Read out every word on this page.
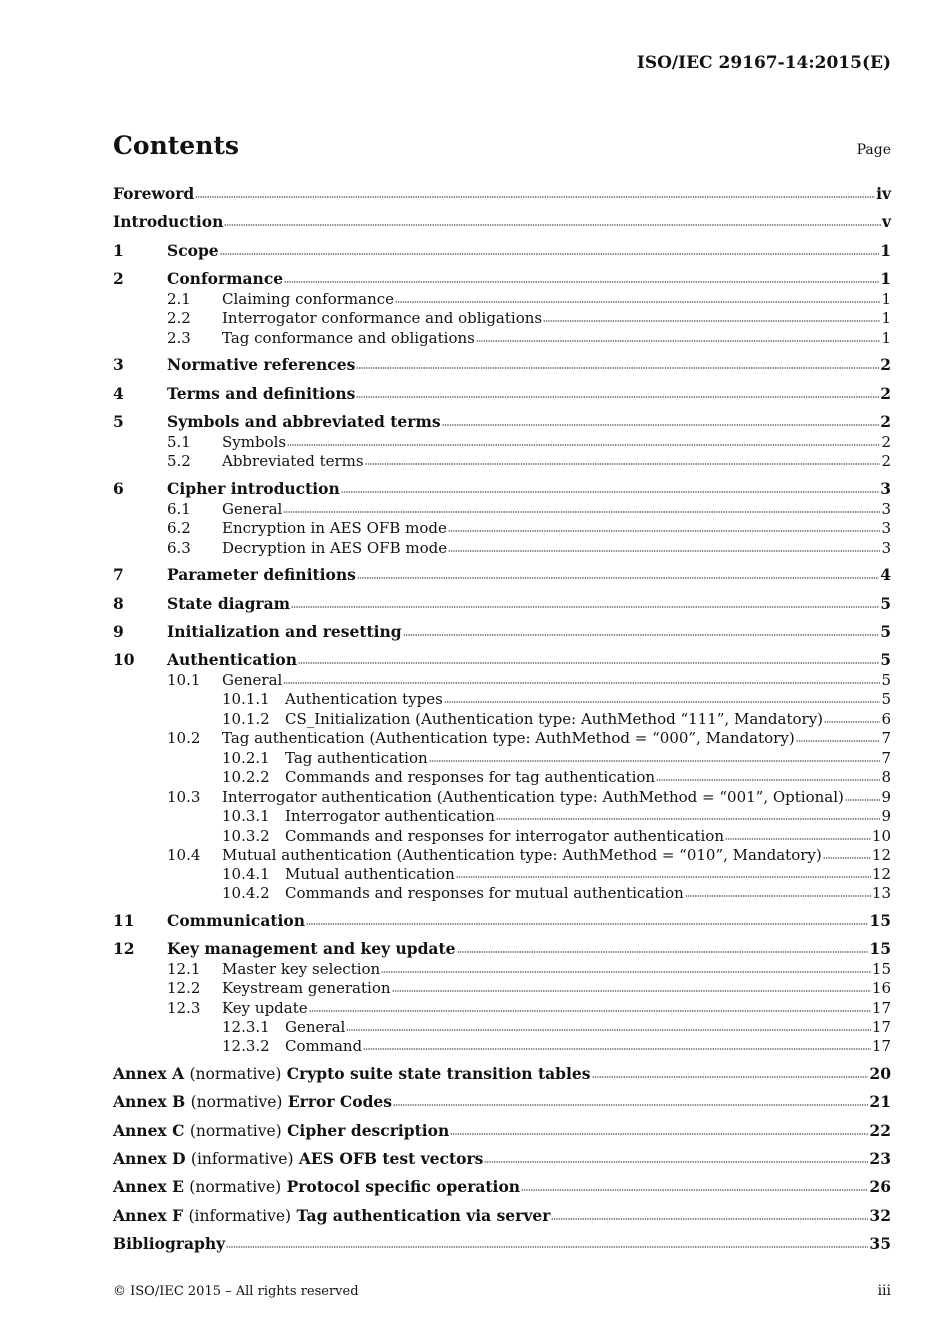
ISO/IEC 29167-14:2015(E)
Contents	Page
Foreword	iv
Introduction	v
1	Scope	1
2	Conformance	1
2.1	Claiming conformance	1
2.2	Interrogator conformance and obligations	1
2.3	Tag conformance and obligations	1
3	Normative references	2
4	Terms and definitions	2
5	Symbols and abbreviated terms	2
5.1	Symbols	2
5.2	Abbreviated terms	2
6	Cipher introduction	3
6.1	General	3
6.2	Encryption in AES OFB mode	3
6.3	Decryption in AES OFB mode	3
7	Parameter definitions	4
8	State diagram	5
9	Initialization and resetting	5
10	Authentication	5
10.1	General	5
10.1.1	Authentication types	5
10.1.2	CS_Initialization (Authentication type: AuthMethod “111”, Mandatory)	6
10.2	Tag authentication (Authentication type: AuthMethod = “000”, Mandatory)	7
10.2.1	Tag authentication	7
10.2.2	Commands and responses for tag authentication	8
10.3	Interrogator authentication (Authentication type: AuthMethod = “001”, Optional)	9
10.3.1	Interrogator authentication	9
10.3.2	Commands and responses for interrogator authentication	10
10.4	Mutual authentication (Authentication type: AuthMethod = “010”, Mandatory)	12
10.4.1	Mutual authentication	12
10.4.2	Commands and responses for mutual authentication	13
11	Communication	15
12	Key management and key update	15
12.1	Master key selection	15
12.2	Keystream generation	16
12.3	Key update	17
12.3.1	General	17
12.3.2	Command	17
Annex A (normative) Crypto suite state transition tables	20
Annex B (normative) Error Codes	21
Annex C (normative) Cipher description	22
Annex D (informative) AES OFB test vectors	23
Annex E (normative) Protocol specific operation	26
Annex F (informative) Tag authentication via server	32
Bibliography	35
© ISO/IEC 2015 – All rights reserved	iii
